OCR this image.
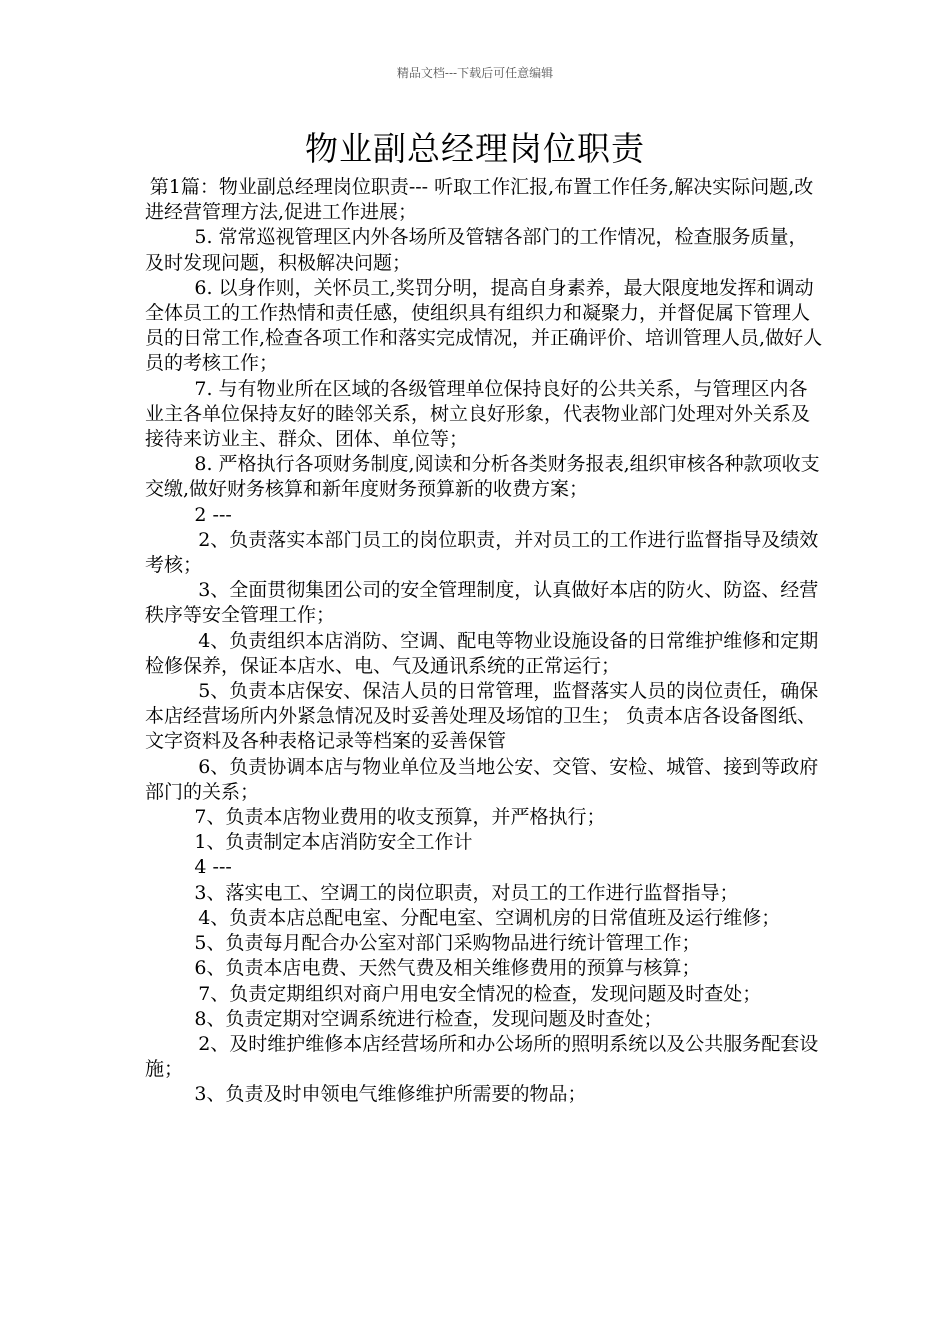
精品文档---下载后可任意编辑
物业副总经理岗位职责

第1篇：物业副总经理岗位职责--- 听取工作汇报,布置工作任务,解决实际问题,改进经营管理方法,促进工作进展；

5. 常常巡视管理区内外各场所及管辖各部门的工作情况，检查服务质量，及时发现问题，积极解决问题；

6. 以身作则，关怀员工,奖罚分明，提高自身素养，最大限度地发挥和调动全体员工的工作热情和责任感，使组织具有组织力和凝聚力，并督促属下管理人员的日常工作,检查各项工作和落实完成情况，并正确评价、培训管理人员,做好人员的考核工作；

7. 与有物业所在区域的各级管理单位保持良好的公共关系，与管理区内各业主各单位保持友好的睦邻关系，树立良好形象，代表物业部门处理对外关系及接待来访业主、群众、团体、单位等；

8. 严格执行各项财务制度,阅读和分析各类财务报表,组织审核各种款项收支交缴,做好财务核算和新年度财务预算新的收费方案；

2 ---

2、负责落实本部门员工的岗位职责，并对员工的工作进行监督指导及绩效考核；

3、全面贯彻集团公司的安全管理制度，认真做好本店的防火、防盗、经营秩序等安全管理工作；

4、负责组织本店消防、空调、配电等物业设施设备的日常维护维修和定期检修保养，保证本店水、电、气及通讯系统的正常运行；

5、负责本店保安、保洁人员的日常管理，监督落实人员的岗位责任，确保本店经营场所内外紧急情况及时妥善处理及场馆的卫生； 负责本店各设备图纸、文字资料及各种表格记录等档案的妥善保管

6、负责协调本店与物业单位及当地公安、交管、安检、城管、接到等政府部门的关系；

7、负责本店物业费用的收支预算，并严格执行；

1、负责制定本店消防安全工作计

4 ---

3、落实电工、空调工的岗位职责，对员工的工作进行监督指导；

4、负责本店总配电室、分配电室、空调机房的日常值班及运行维修；

5、负责每月配合办公室对部门采购物品进行统计管理工作；

6、负责本店电费、天然气费及相关维修费用的预算与核算；

7、负责定期组织对商户用电安全情况的检查，发现问题及时查处；

8、负责定期对空调系统进行检查，发现问题及时查处；

2、及时维护维修本店经营场所和办公场所的照明系统以及公共服务配套设施；

3、负责及时申领电气维修维护所需要的物品；
